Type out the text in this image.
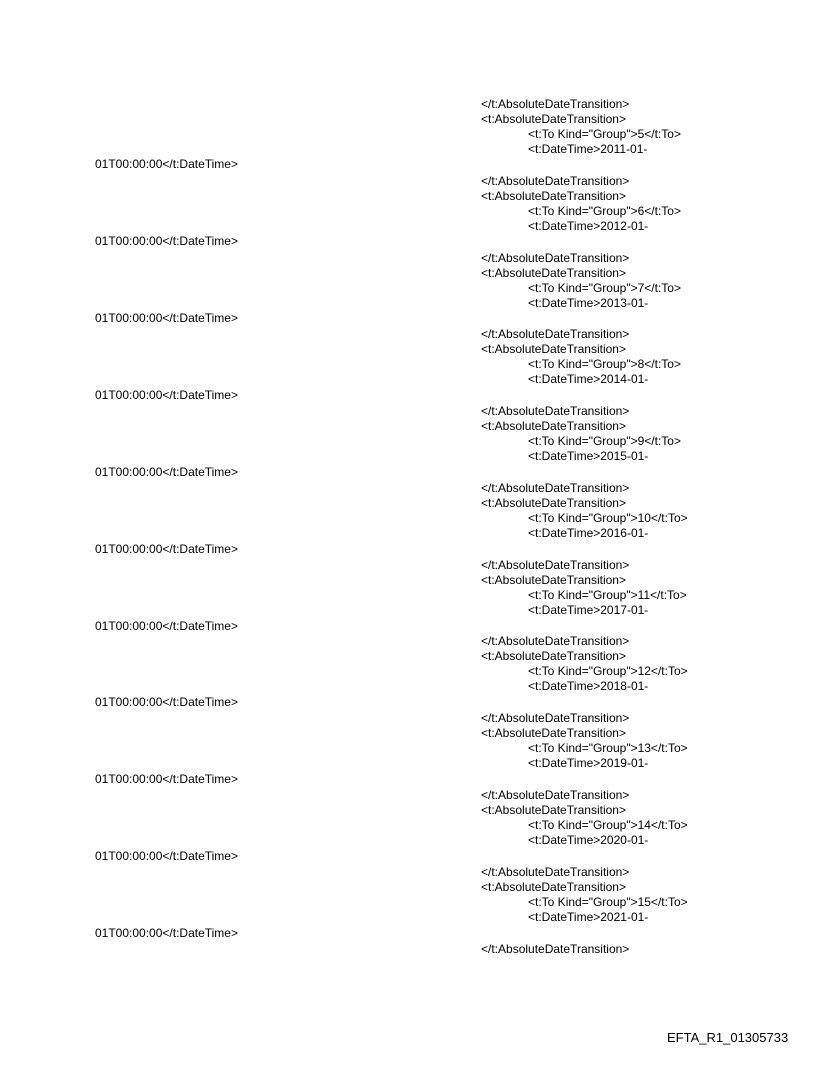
</t:AbsoluteDateTransition>
<t:AbsoluteDateTransition>
<t:To Kind="Group">5</t:To>
<t:DateTime>2011-01-
01T00:00:00</t:DateTime>
</t:AbsoluteDateTransition>
<t:AbsoluteDateTransition>
<t:To Kind="Group">6</t:To>
<t:DateTime>2012-01-
01T00:00:00</t:DateTime>
</t:AbsoluteDateTransition>
<t:AbsoluteDateTransition>
<t:To Kind="Group">7</t:To>
<t:DateTime>2013-01-
01T00:00:00</t:DateTime>
</t:AbsoluteDateTransition>
<t:AbsoluteDateTransition>
<t:To Kind="Group">8</t:To>
<t:DateTime>2014-01-
01T00:00:00</t:DateTime>
</t:AbsoluteDateTransition>
<t:AbsoluteDateTransition>
<t:To Kind="Group">9</t:To>
<t:DateTime>2015-01-
01T00:00:00</t:DateTime>
</t:AbsoluteDateTransition>
<t:AbsoluteDateTransition>
<t:To Kind="Group">10</t:To>
<t:DateTime>2016-01-
01T00:00:00</t:DateTime>
</t:AbsoluteDateTransition>
<t:AbsoluteDateTransition>
<t:To Kind="Group">11</t:To>
<t:DateTime>2017-01-
01T00:00:00</t:DateTime>
</t:AbsoluteDateTransition>
<t:AbsoluteDateTransition>
<t:To Kind="Group">12</t:To>
<t:DateTime>2018-01-
01T00:00:00</t:DateTime>
</t:AbsoluteDateTransition>
<t:AbsoluteDateTransition>
<t:To Kind="Group">13</t:To>
<t:DateTime>2019-01-
01T00:00:00</t:DateTime>
</t:AbsoluteDateTransition>
<t:AbsoluteDateTransition>
<t:To Kind="Group">14</t:To>
<t:DateTime>2020-01-
01T00:00:00</t:DateTime>
</t:AbsoluteDateTransition>
<t:AbsoluteDateTransition>
<t:To Kind="Group">15</t:To>
<t:DateTime>2021-01-
01T00:00:00</t:DateTime>
</t:AbsoluteDateTransition>
EFTA_R1_01305733
